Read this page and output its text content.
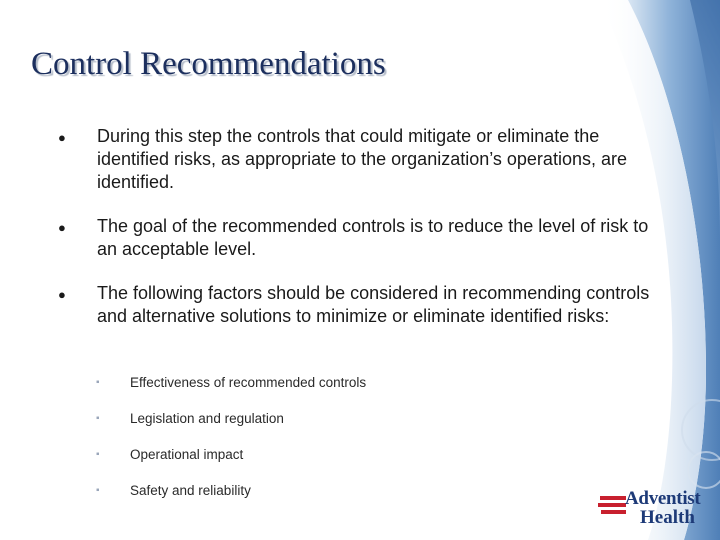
Control Recommendations
● During this step the controls that could mitigate or eliminate the identified risks, as appropriate to the organization’s operations, are identified.
● The goal of the recommended controls is to reduce the level of risk to an acceptable level.
● The following factors should be considered in recommending controls and alternative solutions to minimize or eliminate identified risks:
▪ Effectiveness of recommended controls
▪ Legislation and regulation
▪ Operational impact
▪ Safety and reliability	Adventist
Health
